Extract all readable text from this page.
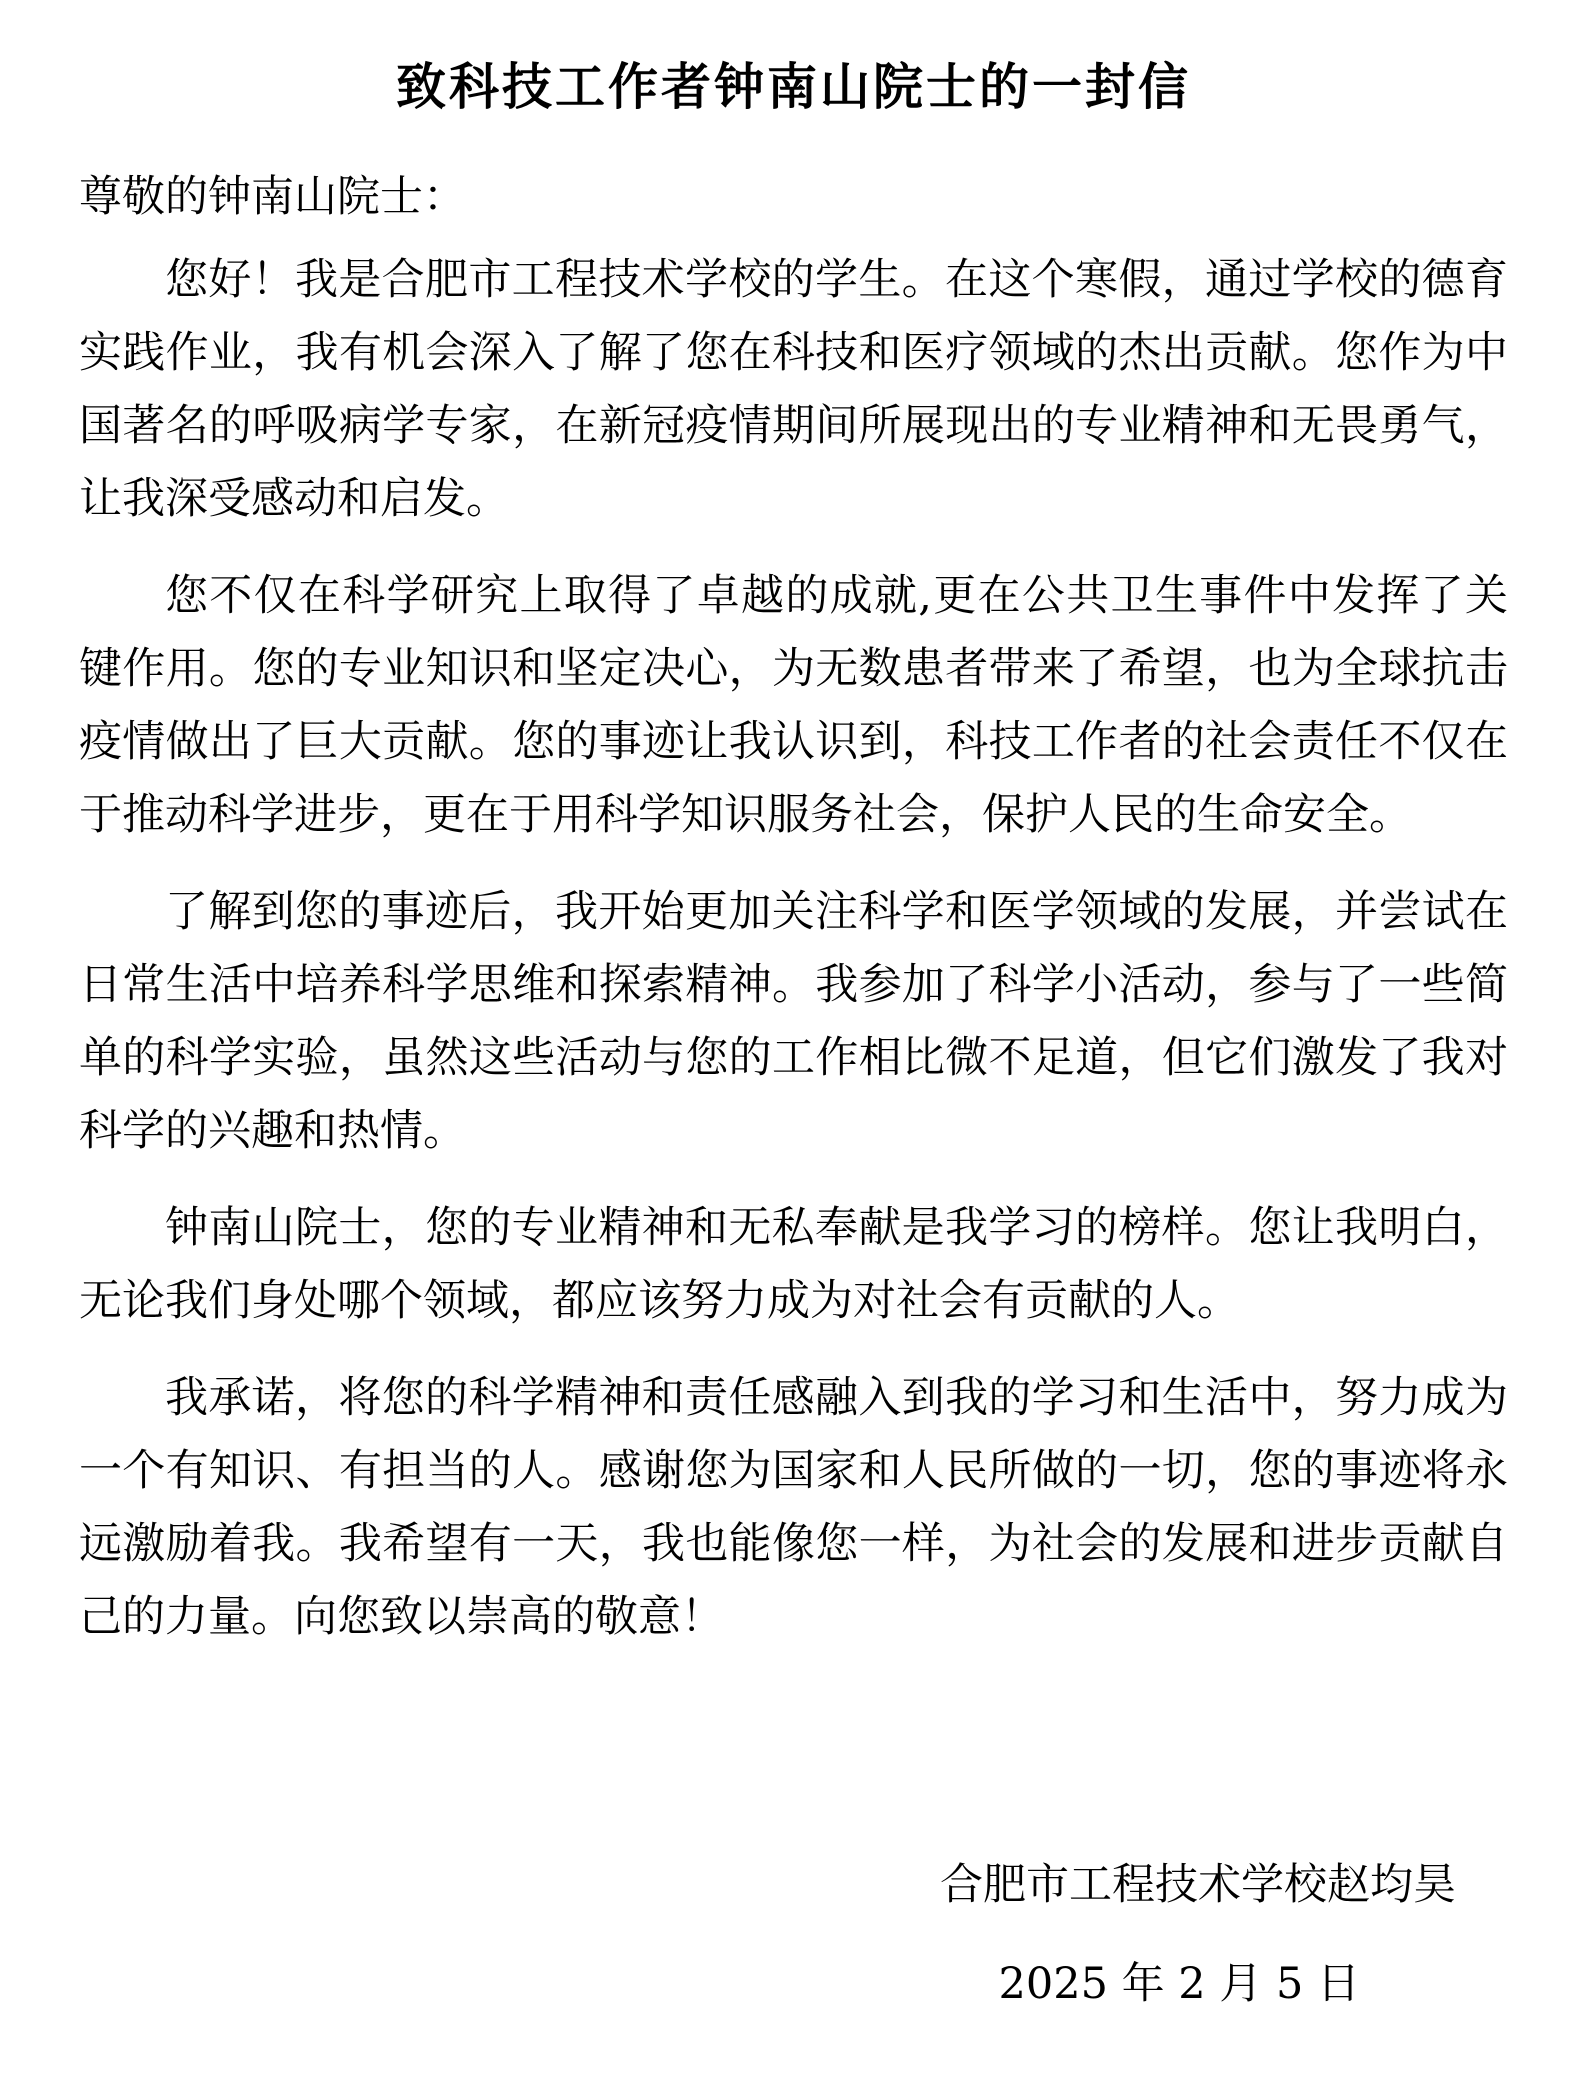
致科技工作者钟南山院士的一封信

尊敬的钟南山院士：

您好！我是合肥市工程技术学校的学生。在这个寒假，通过学校的德育实践作业，我有机会深入了解了您在科技和医疗领域的杰出贡献。您作为中国著名的呼吸病学专家，在新冠疫情期间所展现出的专业精神和无畏勇气，让我深受感动和启发。

您不仅在科学研究上取得了卓越的成就,更在公共卫生事件中发挥了关键作用。您的专业知识和坚定决心，为无数患者带来了希望，也为全球抗击疫情做出了巨大贡献。您的事迹让我认识到，科技工作者的社会责任不仅在于推动科学进步，更在于用科学知识服务社会，保护人民的生命安全。

了解到您的事迹后，我开始更加关注科学和医学领域的发展，并尝试在日常生活中培养科学思维和探索精神。我参加了科学小活动，参与了一些简单的科学实验，虽然这些活动与您的工作相比微不足道，但它们激发了我对科学的兴趣和热情。

钟南山院士，您的专业精神和无私奉献是我学习的榜样。您让我明白，无论我们身处哪个领域，都应该努力成为对社会有贡献的人。

我承诺，将您的科学精神和责任感融入到我的学习和生活中，努力成为一个有知识、有担当的人。感谢您为国家和人民所做的一切，您的事迹将永远激励着我。我希望有一天，我也能像您一样，为社会的发展和进步贡献自己的力量。向您致以崇高的敬意！

合肥市工程技术学校赵均昊

2025 年 2 月 5 日
